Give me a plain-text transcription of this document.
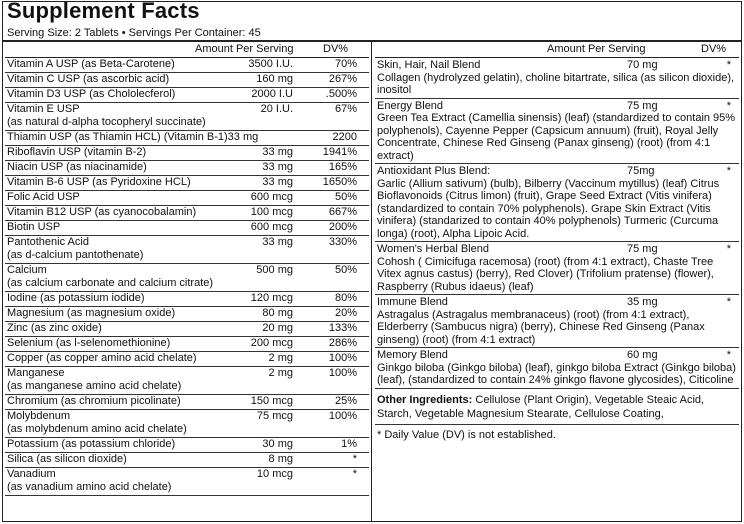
Supplement Facts
Serving Size: 2 Tablets • Servings Per Container: 45
Amount Per Serving	DV%
Vitamin A USP (as Beta-Carotene)	3500 I.U.	70%
Vitamin C USP (as ascorbic acid)	160 mg	267%
Vitamin D3 USP (as Chololecferol)	2000 I.U	.500%
Vitamin E USP
(as natural d-alpha tocopheryl succinate)
20 I.U.	67%
Thiamin USP (as Thiamin HCL) (Vitamin B-1)33 mg	2200
Riboflavin USP (vitamin B-2)	33 mg	1941%
Niacin USP (as niacinamide)	33 mg	165%
Vitamin B-6 USP (as Pyridoxine HCL)	33 mg	1650%
Folic Acid USP	600 mcg	50%
Vitamin B12 USP (as cyanocobalamin)	100 mcg	667%
Biotin USP	600 mcg	200%
Pantothenic Acid
(as d-calcium pantothenate)
33 mg	330%
Calcium
(as calcium carbonate and calcium citrate)
500 mg	50%
Iodine (as potassium iodide)	120 mcg	80%
Magnesium (as magnesium oxide)	80 mg	20%
Zinc (as zinc oxide)	20 mg	133%
Selenium (as l-selenomethionine)	200 mcg	286%
Copper (as copper amino acid chelate)	2 mg	100%
Manganese
(as manganese amino acid chelate)
2 mg	100%
Chromium (as chromium picolinate)	150 mcg	25%
Molybdenum
(as molybdenum amino acid chelate)
75 mcg	100%
Potassium (as potassium chloride)	30 mg	1%
Silica (as silicon dioxide)	8 mg	*
Vanadium
(as vanadium amino acid chelate)
10 mcg	*
Amount Per Serving	DV%
Skin, Hair, Nail Blend	70 mg	*
Collagen (hydrolyzed gelatin), choline bitartrate, silica (as silicon dioxide), inositol
Energy Blend	75 mg	*
Green Tea Extract (Camellia sinensis) (leaf) (standardized to contain 95% polyphenols), Cayenne Pepper (Capsicum annuum) (fruit), Royal Jelly Concentrate, Chinese Red Ginseng (Panax ginseng) (root) (from 4:1 extract)
Antioxidant Plus Blend:	75mg	*
Garlic (Allium sativum) (bulb), Bilberry (Vaccinum mytillus) (leaf) Citrus Bioflavonoids (Citrus limon) (fruit), Grape Seed Extract (Vitis vinifera) (standardized to contain 70% polyphenols). Grape Skin Extract (Vitis vinifera) (standarized to contain 40% polyphenols) Turmeric (Curcuma longa) (root), Alpha Lipoic Acid.
Women's Herbal Blend	75 mg	*
Cohosh ( Cimicifuga racemosa) (root) (from 4:1 extract), Chaste Tree Vitex agnus castus) (berry), Red Clover) (Trifolium pratense) (flower), Raspberry (Rubus idaeus) (leaf)
Immune Blend	35 mg	*
Astragalus (Astragalus membranaceus) (root) (from 4:1 extract), Elderberry (Sambucus nigra) (berry), Chinese Red Ginseng (Panax ginseng) (root) (from 4:1 extract)
Memory Blend	60 mg	*
Ginkgo biloba (Ginkgo biloba) (leaf), ginkgo biloba Extract (Ginkgo biloba) (leaf), (standardized to contain 24% ginkgo flavone glycosides), Citicoline
Other Ingredients: Cellulose (Plant Origin), Vegetable Steaic Acid, Starch, Vegetable Magnesium Stearate, Cellulose Coating,
* Daily Value (DV) is not established.
